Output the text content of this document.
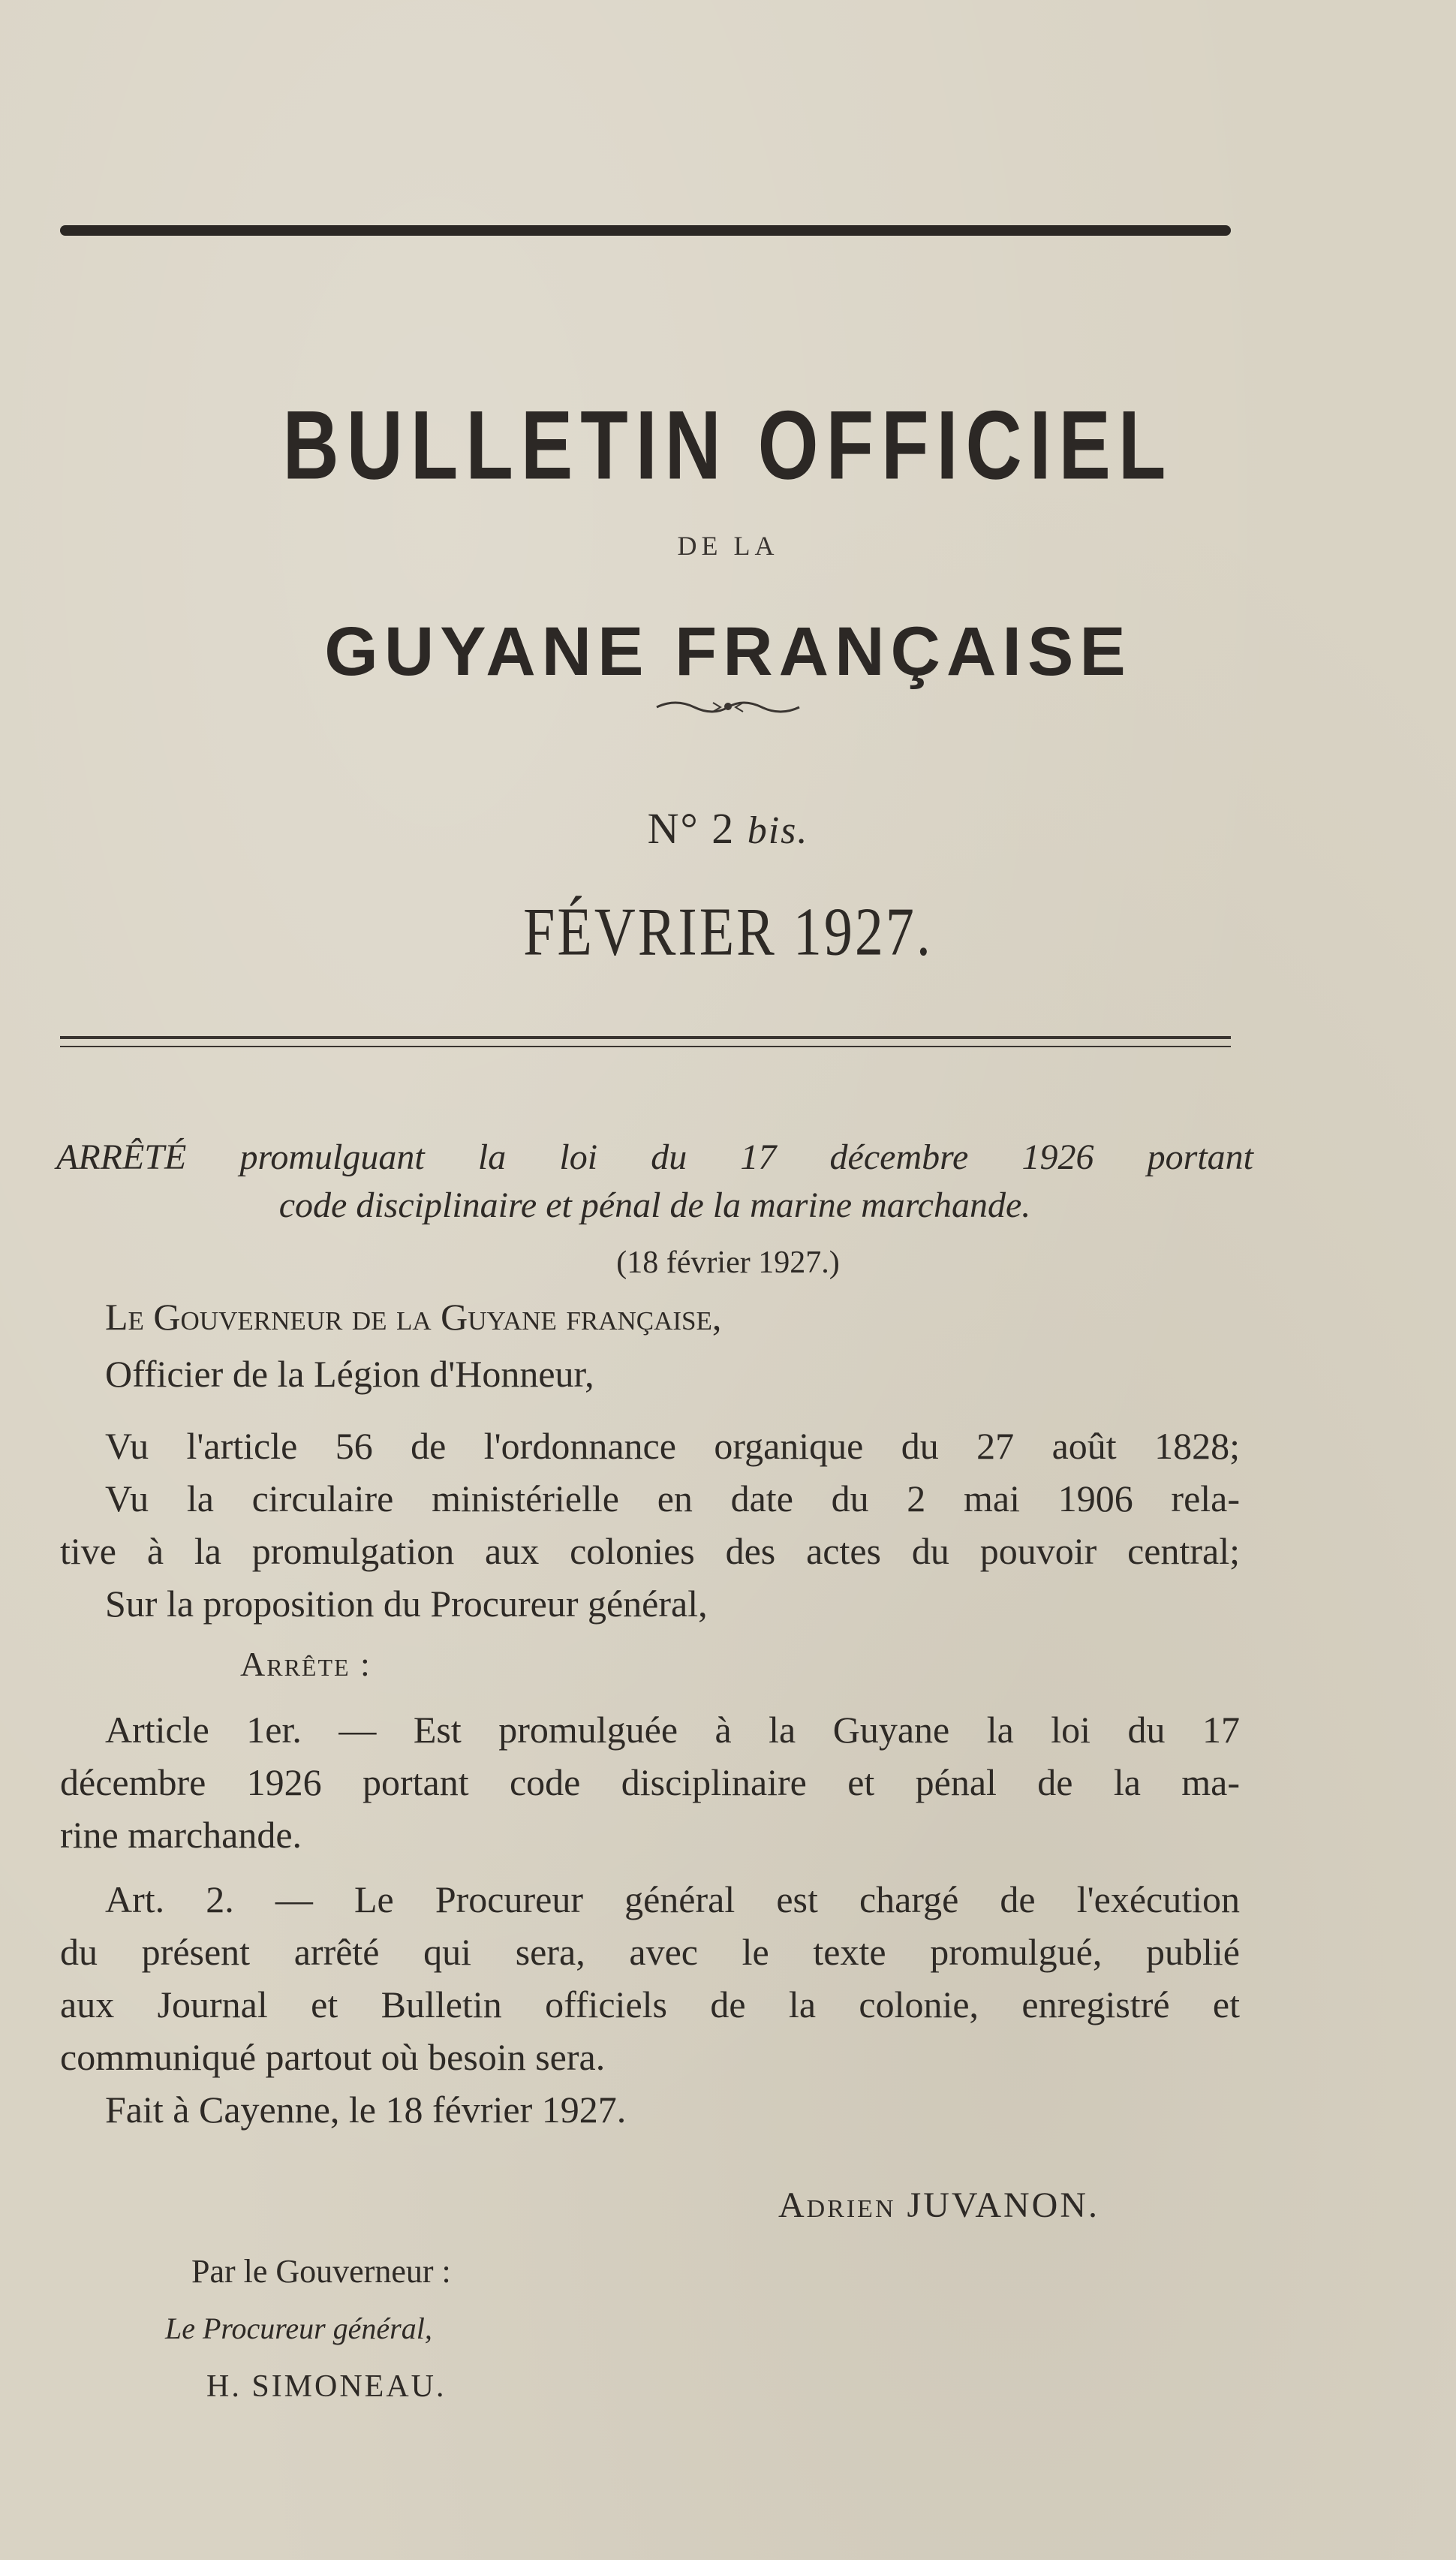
BULLETIN OFFICIEL
DE LA
GUYANE FRANÇAISE
N° 2 bis.
FÉVRIER 1927.
ARRÊTÉ promulguant la loi du 17 décembre 1926 portant
code disciplinaire et pénal de la marine marchande.
(18 février 1927.)
Le Gouverneur de la Guyane française,
Officier de la Légion d'Honneur,
Vu l'article 56 de l'ordonnance organique du 27 août 1828;
Vu la circulaire ministérielle en date du 2 mai 1906 rela-
tive à la promulgation aux colonies des actes du pouvoir central;
Sur la proposition du Procureur général,
Arrête :
Article 1er. — Est promulguée à la Guyane la loi du 17
décembre 1926 portant code disciplinaire et pénal de la ma-
rine marchande.
Art. 2. — Le Procureur général est chargé de l'exécution
du présent arrêté qui sera, avec le texte promulgué, publié
aux Journal et Bulletin officiels de la colonie, enregistré et
communiqué partout où besoin sera.
Fait à Cayenne, le 18 février 1927.
Adrien JUVANON.
Par le Gouverneur :
Le Procureur général,
H. SIMONEAU.
